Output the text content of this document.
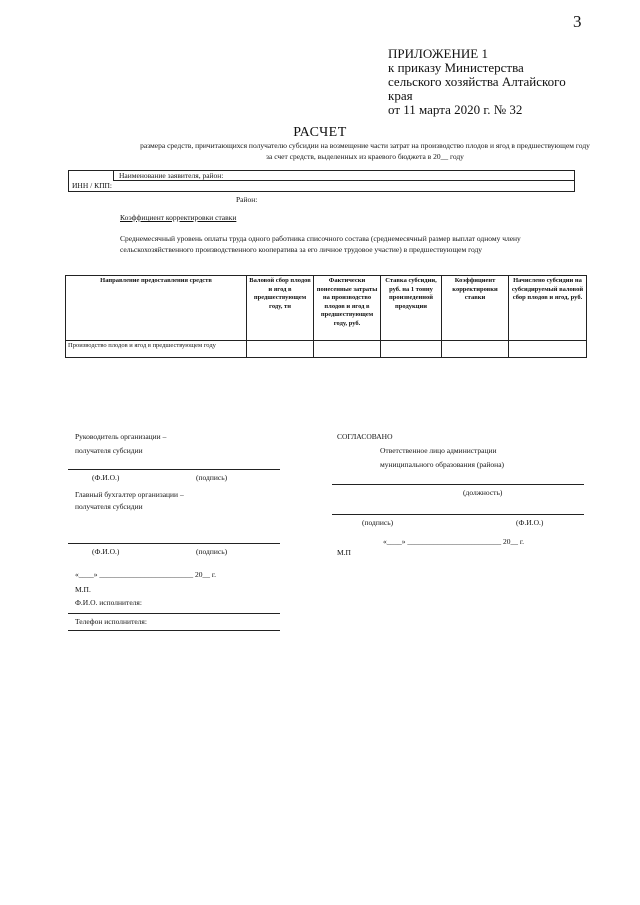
3
ПРИЛОЖЕНИЕ 1
к приказу Министерства
сельского хозяйства Алтайского
края
от 11 марта 2020 г. № 32
РАСЧЕТ
размера средств, причитающихся получателю субсидии на возмещение части затрат на производство плодов и ягод в предшествующем году за счет средств, выделенных из краевого бюджета в 20__ году
Наименование заявителя, район:
ИНН / КПП:
Район:
Коэффициент корректировки ставки
Среднемесячный уровень оплаты труда одного работника списочного состава (среднемесячный размер выплат одному члену сельскохозяйственного производственного кооператива за его личное трудовое участие) в предшествующем году
Направление предоставления средств	Валовой сбор плодов и ягод в предшествующем году, тн	Фактически понесенные затраты на производство плодов и ягод в предшествующем году, руб.	Ставка субсидии, руб. на 1 тонну произведенной продукции	Коэффициент корректировки ставки	Начислено субсидии на субсидируемый валовой сбор плодов и ягод, руб.
Производство плодов и ягод в предшествующем году					
Руководитель организации –
получателя субсидии
(Ф.И.О.)	(подпись)
Главный бухгалтер организации –
получателя субсидии
(Ф.И.О.)	(подпись)
«____» _________________________ 20__ г.
М.П.
Ф.И.О. исполнителя:
Телефон исполнителя:
СОГЛАСОВАНО
Ответственное лицо администрации
муниципального образования (района)
(должность)
(подпись)	(Ф.И.О.)
«____» _________________________ 20__ г.
М.П
